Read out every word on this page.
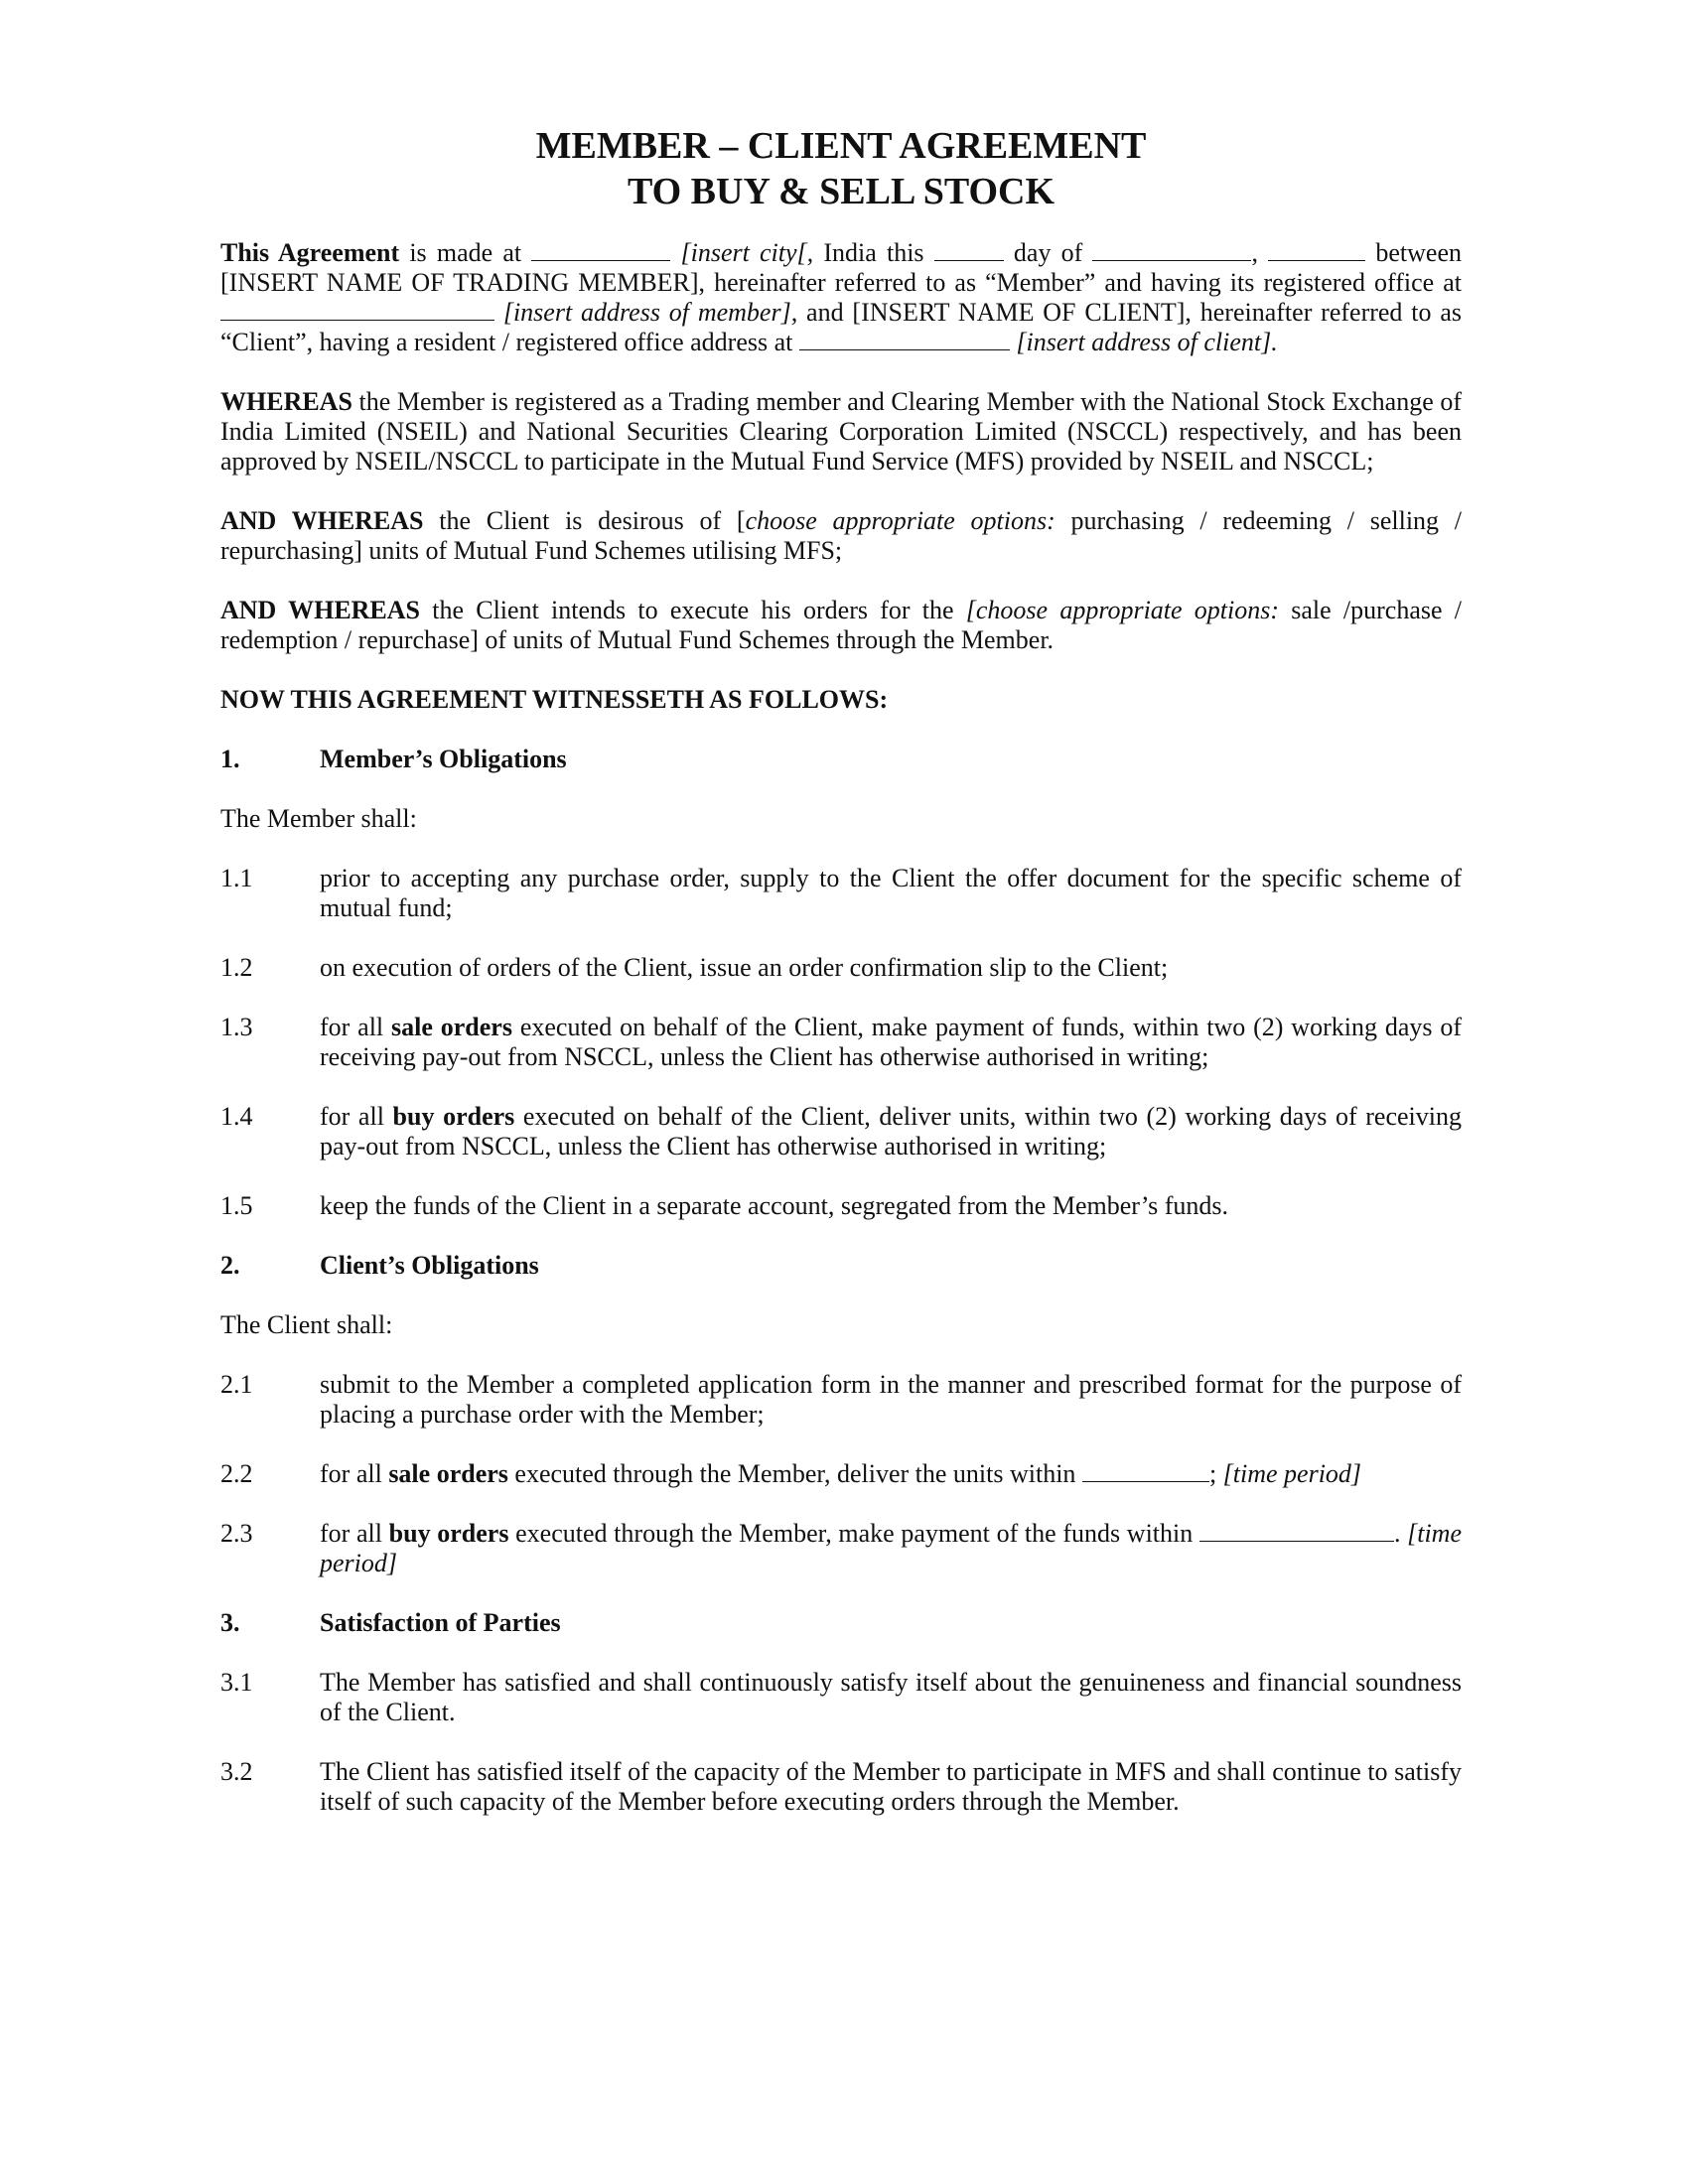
MEMBER – CLIENT AGREEMENT
TO BUY & SELL STOCK

This Agreement is made at	[insert city[, India this	day of	,	between [INSERT NAME OF TRADING MEMBER], hereinafter referred to as “Member” and having its registered office at  [insert address of member], and [INSERT NAME OF CLIENT], hereinafter referred to as “Client”, having a resident / registered office address at	[insert address of client].

WHEREAS the Member is registered as a Trading member and Clearing Member with the National Stock Exchange of India Limited (NSEIL) and National Securities Clearing Corporation Limited (NSCCL) respectively, and has been approved by NSEIL/NSCCL to participate in the Mutual Fund Service (MFS) provided by NSEIL and NSCCL;

AND WHEREAS the Client is desirous of [choose appropriate options: purchasing / redeeming / selling / repurchasing] units of Mutual Fund Schemes utilising MFS;

AND WHEREAS the Client intends to execute his orders for the [choose appropriate options: sale /purchase / redemption / repurchase] of units of Mutual Fund Schemes through the Member.

NOW THIS AGREEMENT WITNESSETH AS FOLLOWS:
1.	Member’s Obligations
The Member shall:
1.1	prior to accepting any purchase order, supply to the Client the offer document for the specific scheme of mutual fund;
1.2	on execution of orders of the Client, issue an order confirmation slip to the Client;
1.3	for all sale orders executed on behalf of the Client, make payment of funds, within two (2) working days of receiving pay-out from NSCCL, unless the Client has otherwise authorised in writing;
1.4	for all buy orders executed on behalf of the Client, deliver units, within two (2) working days of receiving pay-out from NSCCL, unless the Client has otherwise authorised in writing;
1.5	keep the funds of the Client in a separate account, segregated from the Member’s funds.
2.	Client’s Obligations
The Client shall:
2.1	submit to the Member a completed application form in the manner and prescribed format for the purpose of placing a purchase order with the Member;
2.2	for all sale orders executed through the Member, deliver the units within	; [time period]
2.3	for all buy orders executed through the Member, make payment of the funds within	. [time period]
3.	Satisfaction of Parties
3.1	The Member has satisfied and shall continuously satisfy itself about the genuineness and financial soundness of the Client.
3.2	The Client has satisfied itself of the capacity of the Member to participate in MFS and shall continue to satisfy itself of such capacity of the Member before executing orders through the Member.
